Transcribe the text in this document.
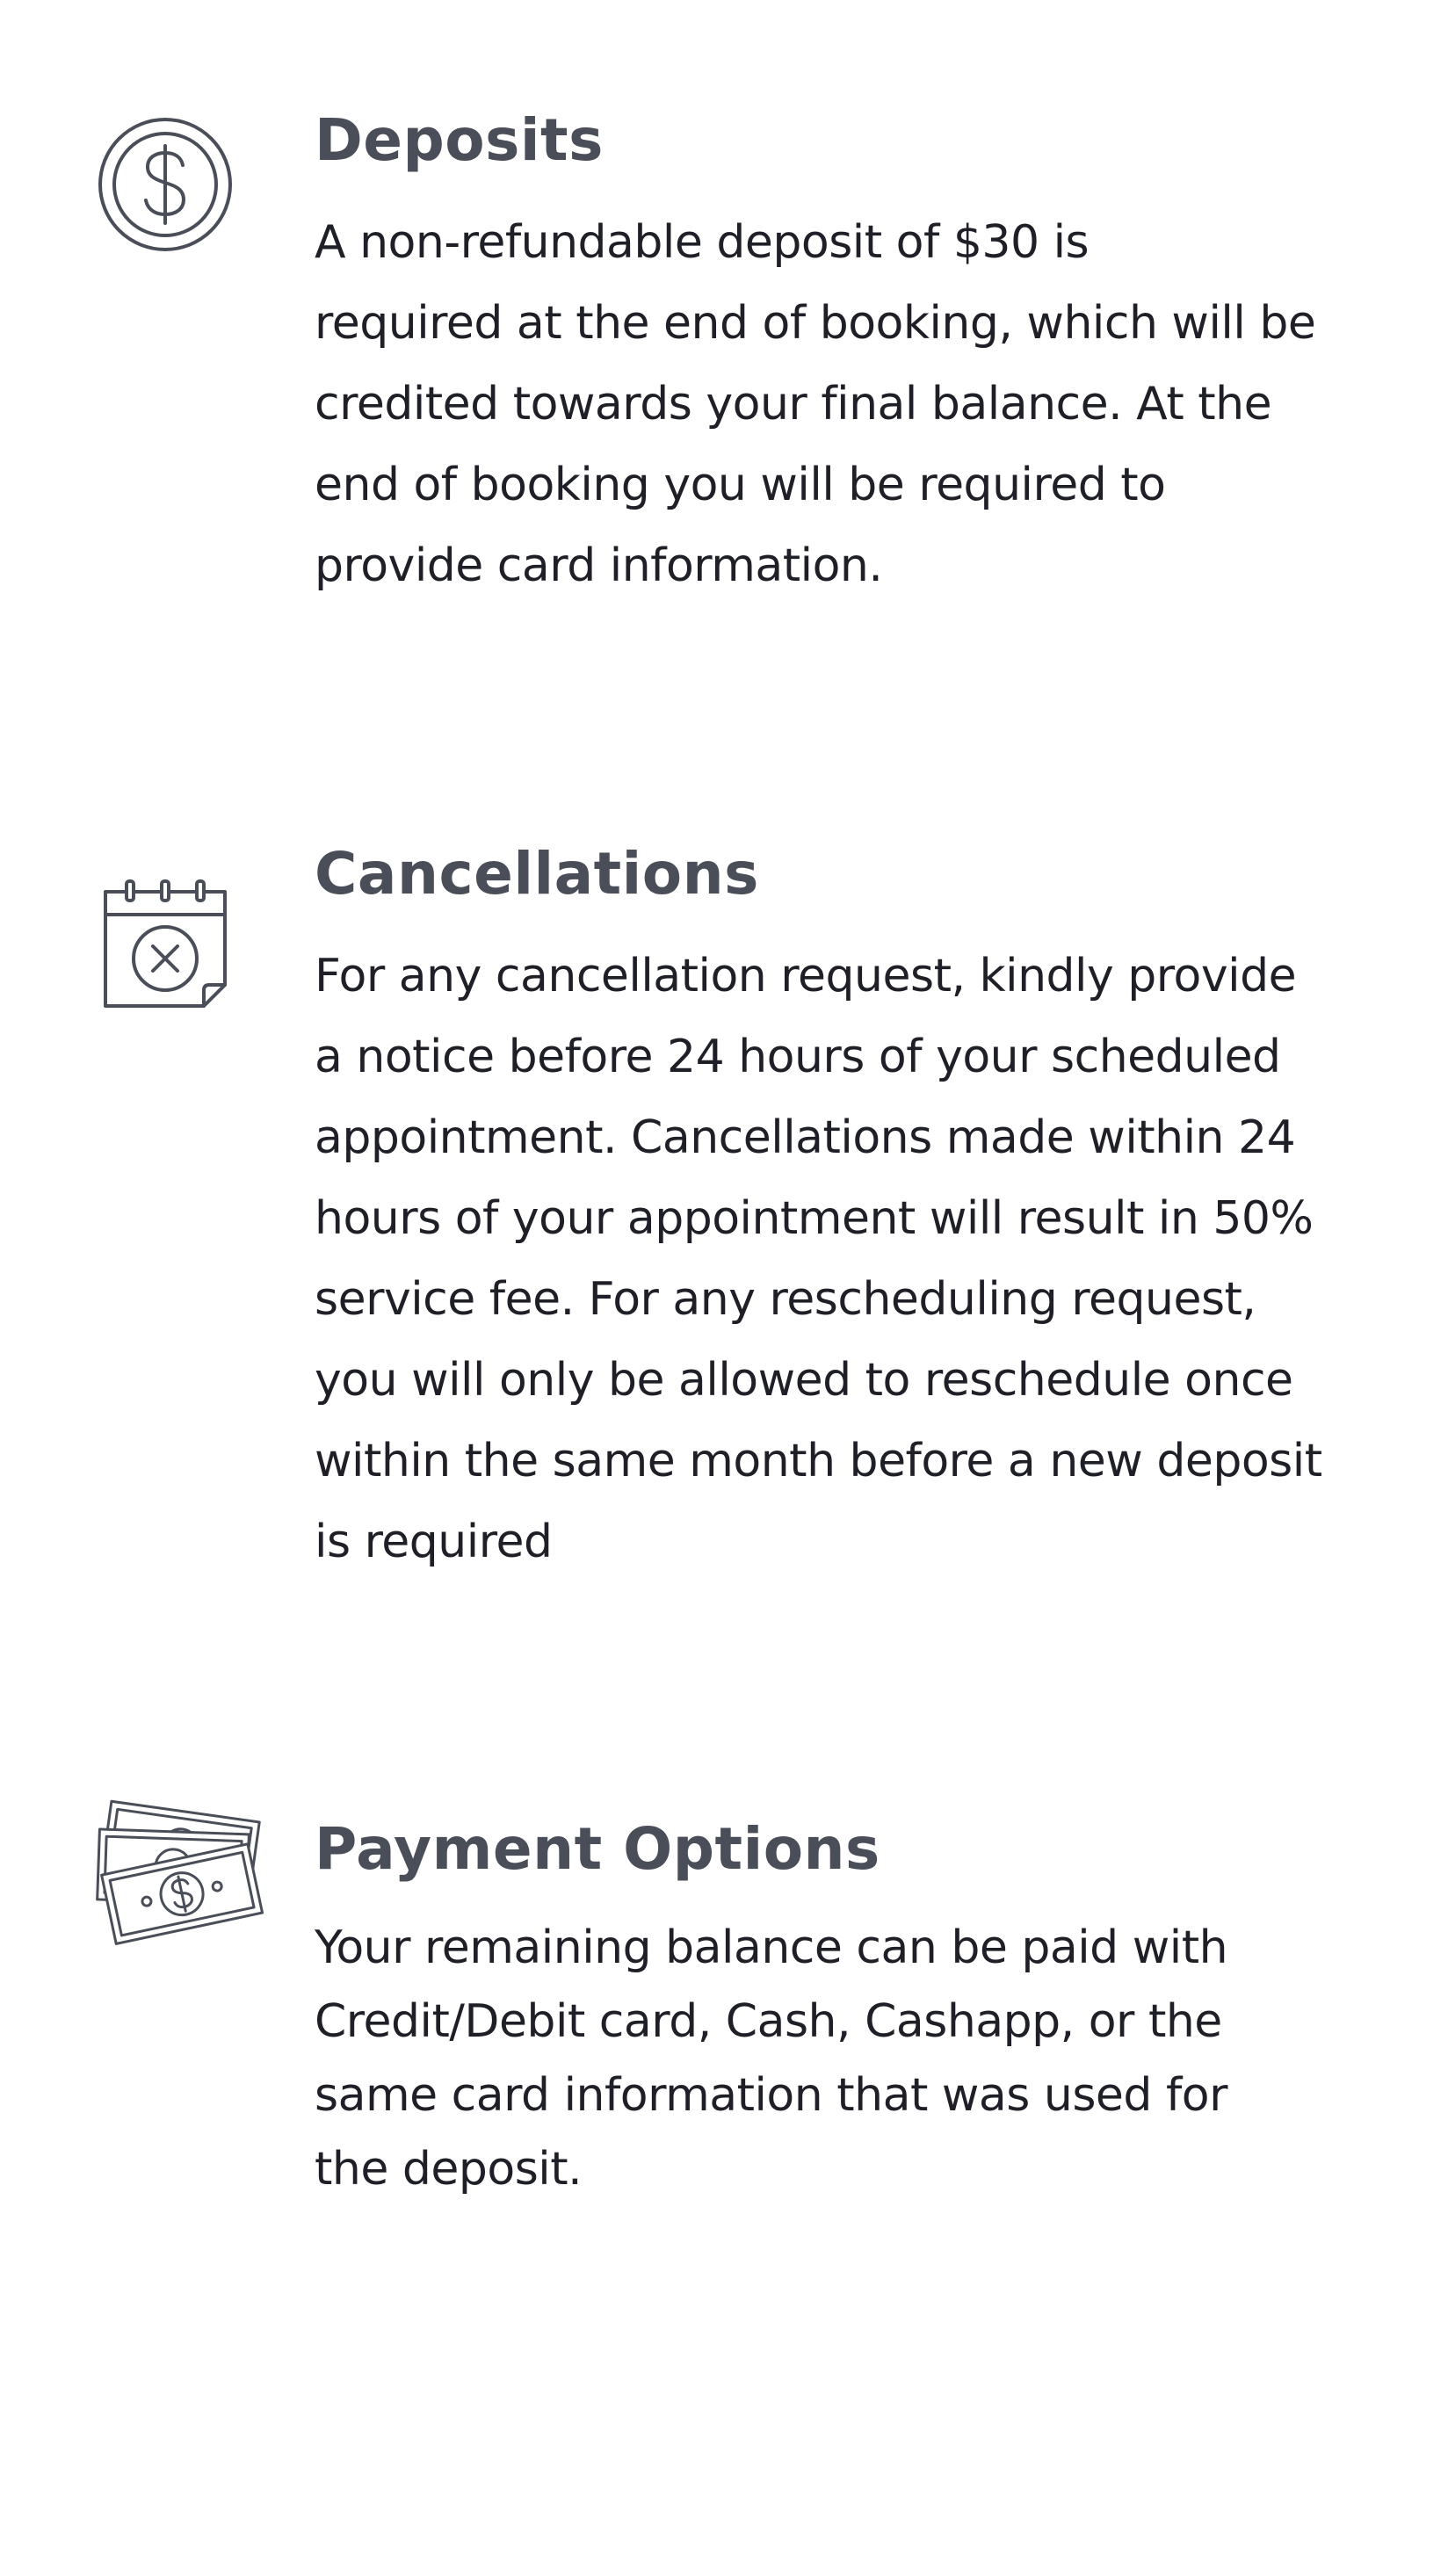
Deposits

A non-refundable deposit of $30 is
required at the end of booking, which will be
credited towards your final balance. At the
end of booking you will be required to
provide card information.

Cancellations

For any cancellation request, kindly provide
a notice before 24 hours of your scheduled
appointment. Cancellations made within 24
hours of your appointment will result in 50%
service fee. For any rescheduling request,
you will only be allowed to reschedule once
within the same month before a new deposit
is required

Payment Options

Your remaining balance can be paid with
Credit/Debit card, Cash, Cashapp, or the
same card information that was used for
the deposit.
